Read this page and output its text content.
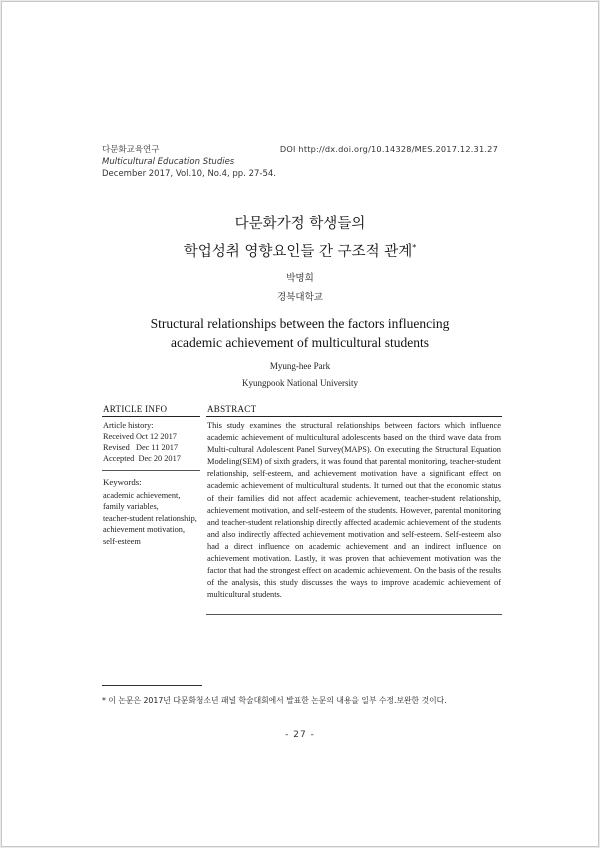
다문화교육연구
Multicultural Education Studies
December 2017, Vol.10, No.4, pp. 27-54.
DOI http://dx.doi.org/10.14328/MES.2017.12.31.27
다문화가정 학생들의
학업성취 영향요인들 간 구조적 관계*
박명희
경북대학교
Structural relationships between the factors influencing
academic achievement of multicultural students
Myung-hee Park
Kyungpook National University
ARTICLE INFO	ABSTRACT
Article history:
Received Oct 12 2017
Revised   Dec 11 2017
Accepted  Dec 20 2017
Keywords:
academic achievement,
family variables,
teacher-student relationship,
achievement motivation,
self-esteem

This study examines the structural relationships between factors which influence academic achievement of multicultural adolescents based on the third wave data from Multi-cultural Adolescent Panel Survey(MAPS). On executing the Structural Equation Modeling(SEM) of sixth graders, it was found that parental monitoring, teacher-student relationship, self-esteem, and achievement motivation have a significant effect on academic achievement of multicultural students. It turned out that the economic status of their families did not affect academic achievement, teacher-student relationship, achievement motivation, and self-esteem of the students. However, parental monitoring and teacher-student relationship directly affected academic achievement of the students and also indirectly affected achievement motivation and self-esteem. Self-esteem also had a direct influence on academic achievement and an indirect influence on achievement motivation. Lastly, it was proven that achievement motivation was the factor that had the strongest effect on academic achievement. On the basis of the results of the analysis, this study discusses the ways to improve academic achievement of multicultural students.

* 이 논문은 2017년 다문화청소년 패널 학술대회에서 발표한 논문의 내용을 일부 수정.보완한 것이다.
- 27 -
